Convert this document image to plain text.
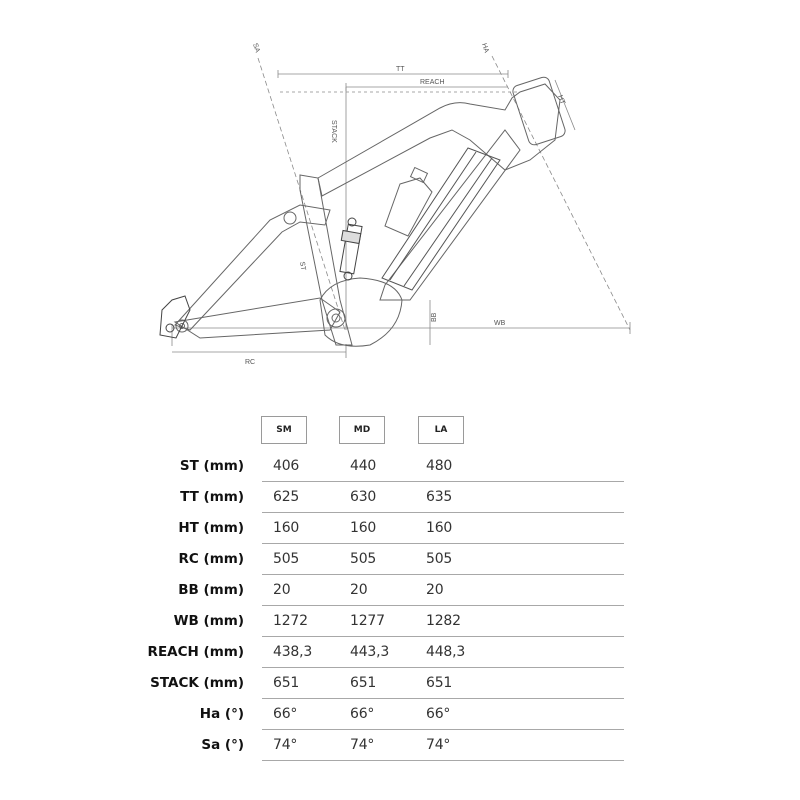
TT
REACH
STACK
HT
SA	HA
ST
BB
WB
RC
SM	MD	LA
ST (mm) 406	440	480
TT (mm) 625	630	635
HT (mm) 160	160	160
RC (mm) 505	505	505
BB (mm) 20	20	20
WB (mm) 1272	1277	1282
REACH (mm) 438,3	443,3	448,3
STACK (mm) 651	651	651
Ha (°) 66°	66°	66°
Sa (°) 74°	74°	74°
